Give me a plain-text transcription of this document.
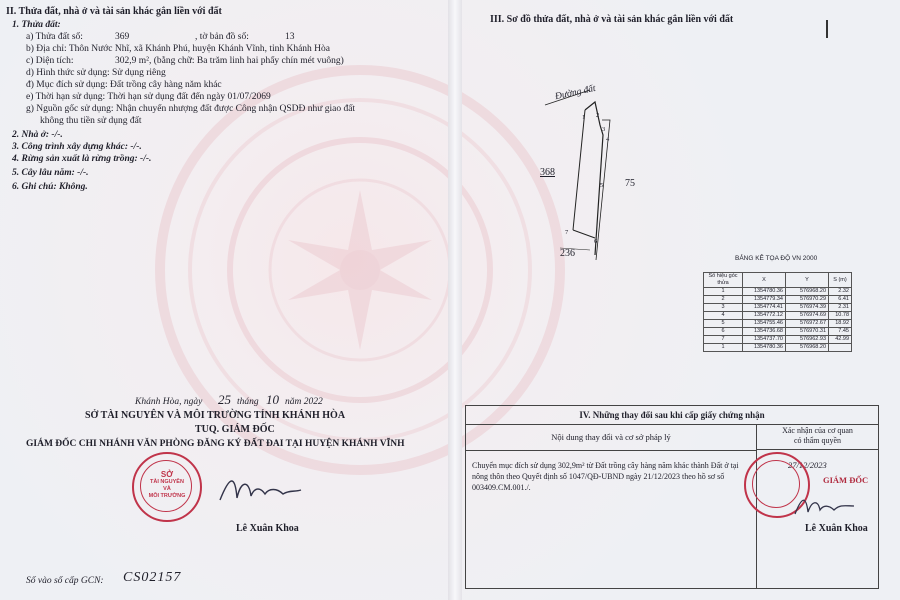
II. Thửa đất, nhà ở và tài sản khác gắn liền với đất
1. Thửa đất:
a) Thửa đất số:	369	, tờ bản đồ số:	13
b) Địa chỉ: Thôn Nước Nhĩ, xã Khánh Phú, huyện Khánh Vĩnh, tỉnh Khánh Hòa
c) Diện tích:	302,9 m², (bằng chữ: Ba trăm linh hai phẩy chín mét vuông)
d) Hình thức sử dụng: Sử dụng riêng
đ) Mục đích sử dụng: Đất trồng cây hàng năm khác
e) Thời hạn sử dụng: Thời hạn sử dụng đất đến ngày 01/07/2069
g) Nguồn gốc sử dụng: Nhận chuyển nhượng đất được Công nhận QSDĐ như giao đất
không thu tiền sử dụng đất
2. Nhà ở: -/-.
3. Công trình xây dựng khác: -/-.
4. Rừng sản xuất là rừng trồng: -/-.
5. Cây lâu năm: -/-.
6. Ghi chú: Không.
Khánh Hòa, ngày 25 tháng 10 năm 2022
SỞ TÀI NGUYÊN VÀ MÔI TRƯỜNG TỈNH KHÁNH HÒA
TUQ. GIÁM ĐỐC
GIÁM ĐỐC CHI NHÁNH VĂN PHÒNG ĐĂNG KÝ ĐẤT ĐAI TẠI HUYỆN KHÁNH VĨNH
SỞ
TÀI NGUYÊN
VÀ
MÔI TRƯỜNG
Lê Xuân Khoa
Số vào sổ cấp GCN: CS02157
III. Sơ đồ thửa đất, nhà ở và tài sản khác gắn liền với đất
Đường đất
1 2
3
4
5
6
7
368
75
236	BẢNG KÊ TỌA ĐỘ VN 2000
Số hiệu góc thửa	X	Y	S (m)
1	1354780.36	576968.20	2.32
2	1354779.34	576970.29	6.41
3	1354774.41	576974.39	2.31
4	1354772.12	576974.69	10.78
5	1354755.46	576972.67	18.92
6	1354736.68	576970.31	7.45
7	1354737.70	576962.93	42.99
1	1354780.36	576968.20	
IV. Những thay đổi sau khi cấp giấy chứng nhận
Nội dung thay đổi và cơ sở pháp lý
Chuyển mục đích sử dụng 302,9m² từ Đất trồng cây hàng năm khác thành Đất ở tại nông thôn theo Quyết định số 1047/QĐ-UBND ngày 21/12/2023 theo hồ sơ số 003409.CM.001./.
Xác nhận của cơ quan
có thẩm quyền
27/12/2023
GIÁM ĐỐC
Lê Xuân Khoa
